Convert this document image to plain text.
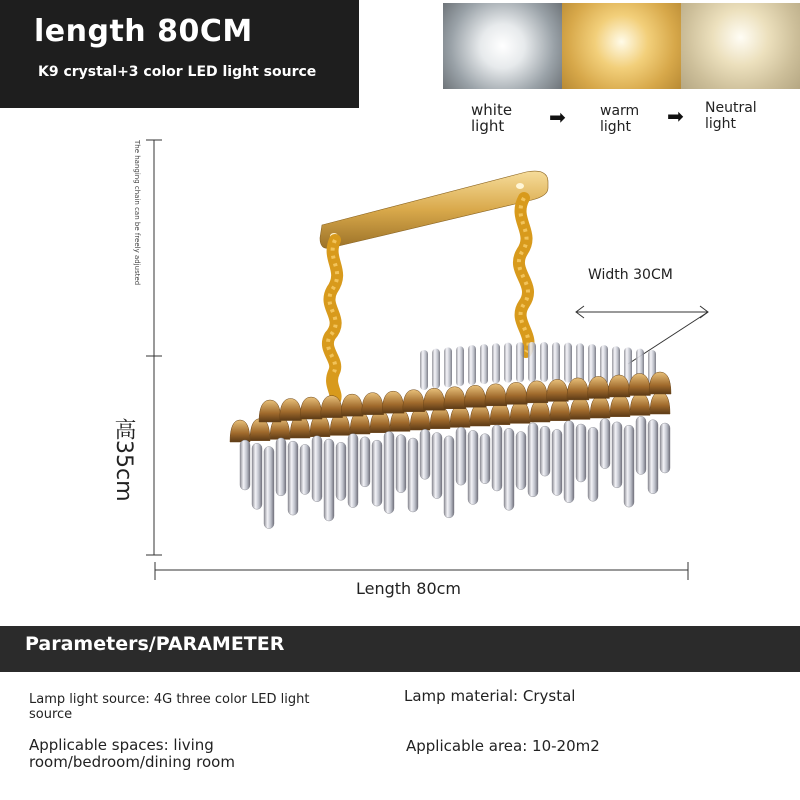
length 80CM
K9 crystal+3 color LED light source
white
light	➡ warm
light	➡ Neutral
light
The hanging chain can be freely adjusted
高35cm
Width 30CM
Length 80cm
Parameters/PARAMETER
Lamp light source: 4G three color LED light
source
Lamp material: Crystal
Applicable spaces: living
room/bedroom/dining room
Applicable area: 10-20m2
